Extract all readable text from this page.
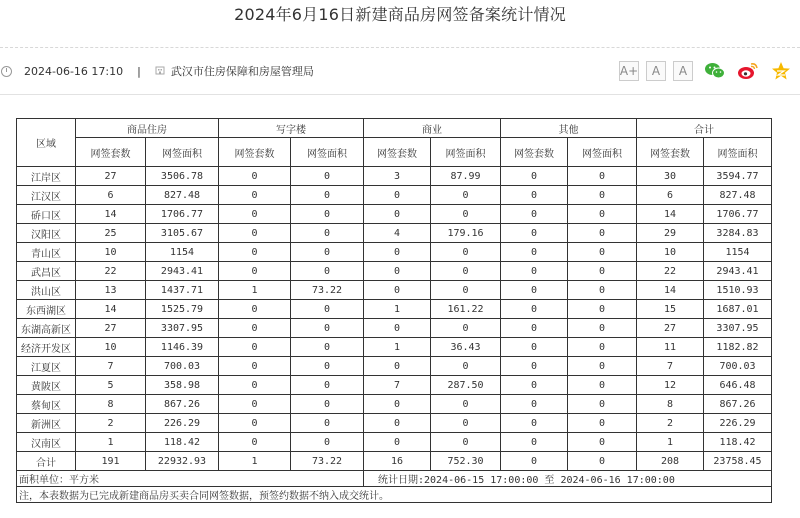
2024年6月16日新建商品房网签备案统计情况
2024-06-16 17:10 |	武汉市住房保障和房屋管理局	A+ A A
区域	商品住房		写字楼		商业		其他		合计	
	网签套数	网签面积	网签套数	网签面积	网签套数	网签面积	网签套数	网签面积	网签套数	网签面积
江岸区	27	3506.78	0	0	3	87.99	0	0	30	3594.77
江汉区	6	827.48	0	0	0	0	0	0	6	827.48
硚口区	14	1706.77	0	0	0	0	0	0	14	1706.77
汉阳区	25	3105.67	0	0	4	179.16	0	0	29	3284.83
青山区	10	1154	0	0	0	0	0	0	10	1154
武昌区	22	2943.41	0	0	0	0	0	0	22	2943.41
洪山区	13	1437.71	1	73.22	0	0	0	0	14	1510.93
东西湖区	14	1525.79	0	0	1	161.22	0	0	15	1687.01
东湖高新区	27	3307.95	0	0	0	0	0	0	27	3307.95
经济开发区	10	1146.39	0	0	1	36.43	0	0	11	1182.82
江夏区	7	700.03	0	0	0	0	0	0	7	700.03
黄陂区	5	358.98	0	0	7	287.50	0	0	12	646.48
蔡甸区	8	867.26	0	0	0	0	0	0	8	867.26
新洲区	2	226.29	0	0	0	0	0	0	2	226.29
汉南区	1	118.42	0	0	0	0	0	0	1	118.42
合计	191	22932.93	1	73.22	16	752.30	0	0	208	23758.45
面积单位：平方米					统计日期:2024-06-15 17:00:00 至 2024-06-16 17:00:00					
注，本表数据为已完成新建商品房买卖合同网签数据，预签约数据不纳入成交统计。										
